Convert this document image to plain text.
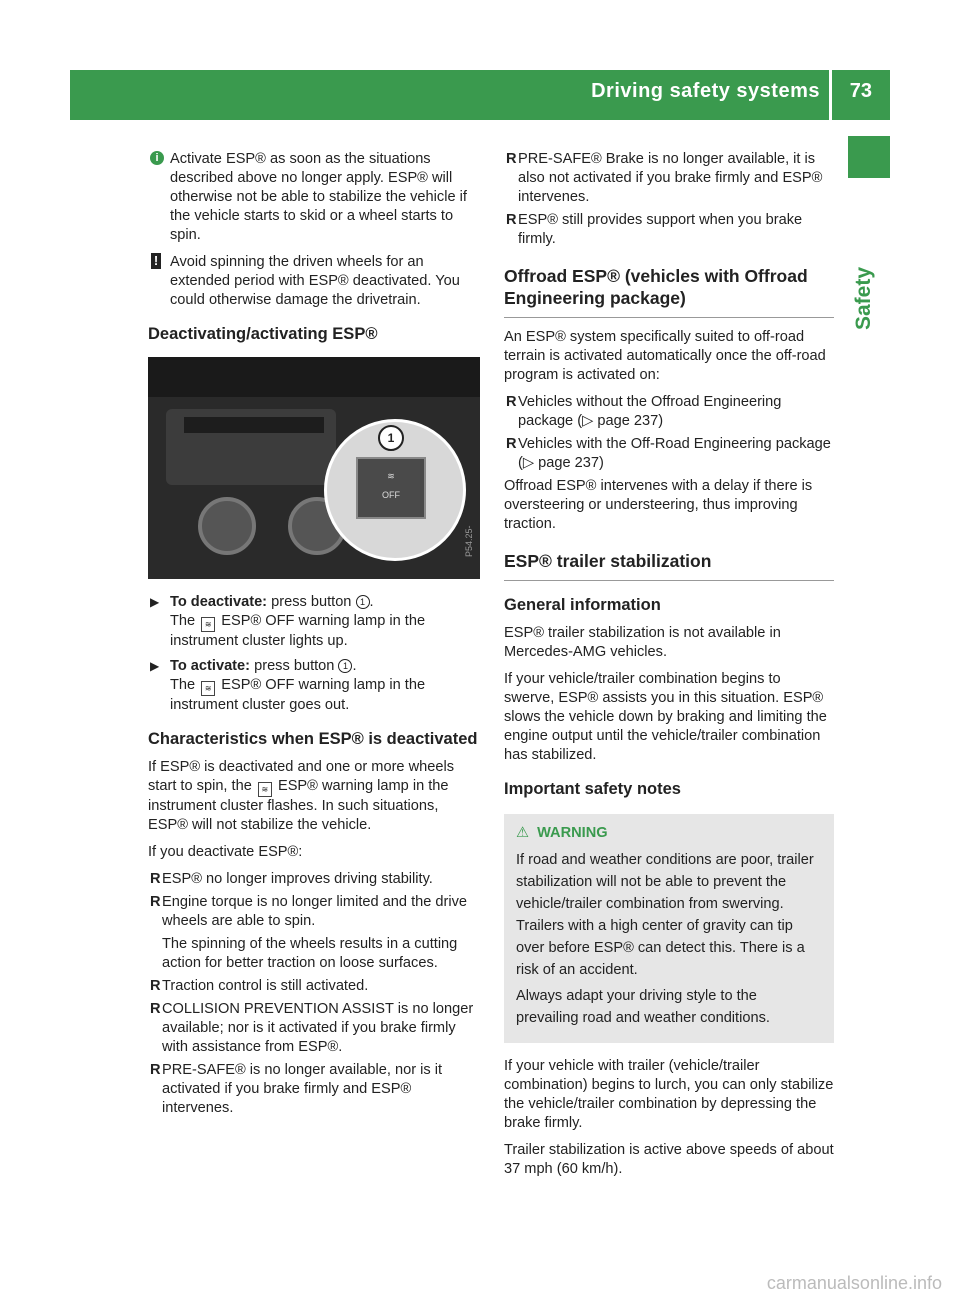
Driving safety systems 73
Safety
i Activate ESP® as soon as the situations described above no longer apply. ESP® will otherwise not be able to stabilize the vehicle if the vehicle starts to skid or a wheel starts to spin.
! Avoid spinning the driven wheels for an extended period with ESP® deactivated. You could otherwise damage the drivetrain.
Deactivating/activating ESP®
≋
OFF
1
P54.25-
▶ To deactivate: press button 1 .
The ≋ ESP® OFF warning lamp in the instrument cluster lights up.
▶ To activate: press button 1 .
The ≋ ESP® OFF warning lamp in the instrument cluster goes out.
Characteristics when ESP® is deactivated

If ESP® is deactivated and one or more wheels start to spin, the ≋ ESP® warning lamp in the instrument cluster flashes. In such situations, ESP® will not stabilize the vehicle.

If you deactivate ESP®:

R ESP® no longer improves driving stability.
R Engine torque is no longer limited and the drive wheels are able to spin.
The spinning of the wheels results in a cutting action for better traction on loose surfaces.
R Traction control is still activated.
R COLLISION PREVENTION ASSIST is no longer available; nor is it activated if you brake firmly with assistance from ESP®.
R PRE-SAFE® is no longer available, nor is it activated if you brake firmly and ESP® intervenes.
R PRE-SAFE® Brake is no longer available, it is also not activated if you brake firmly and ESP® intervenes.
R ESP® still provides support when you brake firmly.
Offroad ESP® (vehicles with Offroad Engineering package)

An ESP® system specifically suited to off-road terrain is activated automatically once the off-road program is activated on:

R Vehicles without the Offroad Engineering package (▷ page 237)
R Vehicles with the Off-Road Engineering package (▷ page 237)

Offroad ESP® intervenes with a delay if there is oversteering or understeering, thus improving traction.

ESP® trailer stabilization
General information

ESP® trailer stabilization is not available in Mercedes-AMG vehicles.

If your vehicle/trailer combination begins to swerve, ESP® assists you in this situation. ESP® slows the vehicle down by braking and limiting the engine output until the vehicle/trailer combination has stabilized.

Important safety notes
⚠ WARNING

If road and weather conditions are poor, trailer stabilization will not be able to prevent the vehicle/trailer combination from swerving. Trailers with a high center of gravity can tip over before ESP® can detect this. There is a risk of an accident.

Always adapt your driving style to the prevailing road and weather conditions.

If your vehicle with trailer (vehicle/trailer combination) begins to lurch, you can only stabilize the vehicle/trailer combination by depressing the brake firmly.

Trailer stabilization is active above speeds of about 37 mph (60 km/h).

carmanualsonline.info
